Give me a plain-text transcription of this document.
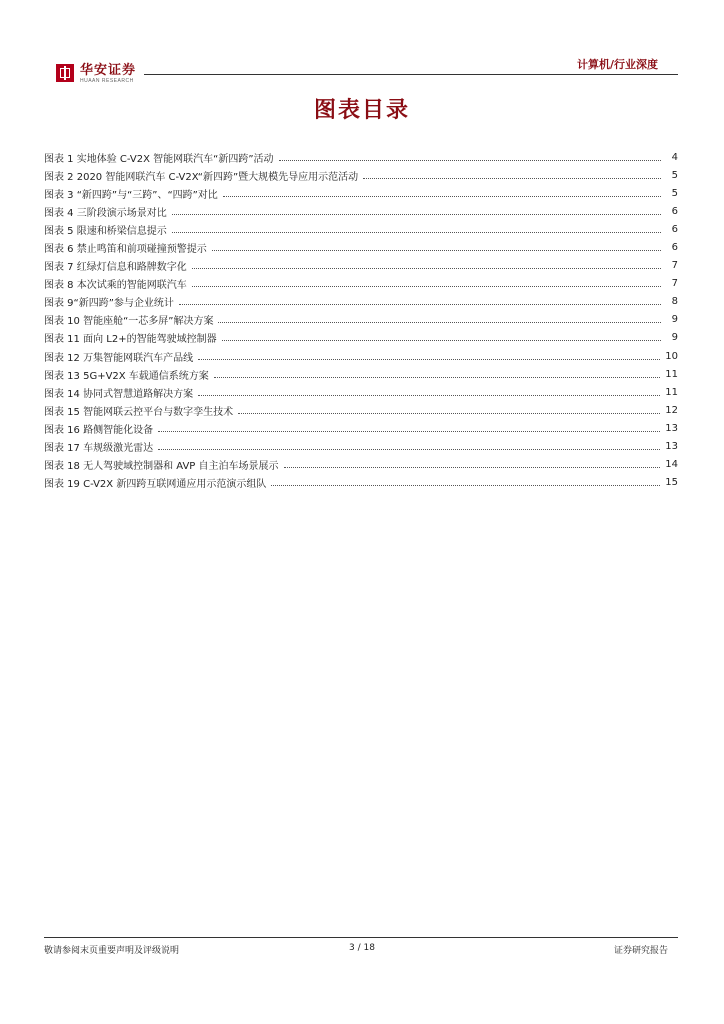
华安证券
HUAAN RESEARCH
计算机/行业深度
图表目录
图表 1 实地体验 C-V2X 智能网联汽车“新四跨”活动	4
图表 2 2020 智能网联汽车 C-V2X“新四跨”暨大规模先导应用示范活动	5
图表 3 “新四跨”与“三跨”、“四跨”对比	5
图表 4 三阶段演示场景对比	6
图表 5 限速和桥梁信息提示	6
图表 6 禁止鸣笛和前项碰撞预警提示	6
图表 7 红绿灯信息和路牌数字化	7
图表 8 本次试乘的智能网联汽车	7
图表 9“新四跨”参与企业统计	8
图表 10 智能座舱“一芯多屏”解决方案	9
图表 11 面向 L2+的智能驾驶域控制器	9
图表 12 万集智能网联汽车产品线	10
图表 13 5G+V2X 车载通信系统方案	11
图表 14 协同式智慧道路解决方案	11
图表 15 智能网联云控平台与数字孪生技术	12
图表 16 路侧智能化设备	13
图表 17 车规级激光雷达	13
图表 18 无人驾驶域控制器和 AVP 自主泊车场景展示	14
图表 19 C-V2X 新四跨互联网通应用示范演示组队	15
敬请参阅末页重要声明及评级说明	3 / 18	证券研究报告
